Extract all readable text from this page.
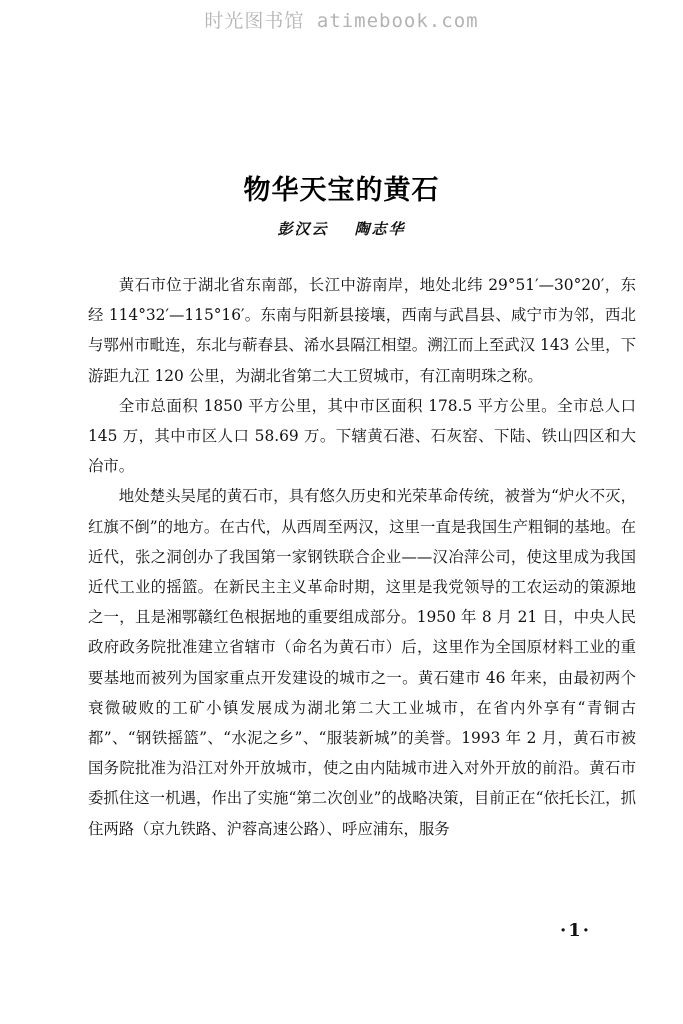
时光图书馆 atimebook.com
物华天宝的黄石
彭汉云 陶志华

黄石市位于湖北省东南部，长江中游南岸，地处北纬 29°51′—30°20′，东经 114°32′—115°16′。东南与阳新县接壤，西南与武昌县、咸宁市为邻，西北与鄂州市毗连，东北与蕲春县、浠水县隔江相望。溯江而上至武汉 143 公里，下游距九江 120 公里，为湖北省第二大工贸城市，有江南明珠之称。

全市总面积 1850 平方公里，其中市区面积 178.5 平方公里。全市总人口 145 万，其中市区人口 58.69 万。下辖黄石港、石灰窑、下陆、铁山四区和大冶市。

地处楚头吴尾的黄石市，具有悠久历史和光荣革命传统，被誉为“炉火不灭，红旗不倒”的地方。在古代，从西周至两汉，这里一直是我国生产粗铜的基地。在近代，张之洞创办了我国第一家钢铁联合企业——汉冶萍公司，使这里成为我国近代工业的摇篮。在新民主主义革命时期，这里是我党领导的工农运动的策源地之一，且是湘鄂赣红色根据地的重要组成部分。1950 年 8 月 21 日，中央人民政府政务院批准建立省辖市（命名为黄石市）后，这里作为全国原材料工业的重要基地而被列为国家重点开发建设的城市之一。黄石建市 46 年来，由最初两个衰微破败的工矿小镇发展成为湖北第二大工业城市，在省内外享有“青铜古都”、“钢铁摇篮”、“水泥之乡”、“服装新城”的美誉。1993 年 2 月，黄石市被国务院批准为沿江对外开放城市，使之由内陆城市进入对外开放的前沿。黄石市委抓住这一机遇，作出了实施“第二次创业”的战略决策，目前正在“依托长江，抓住两路（京九铁路、沪蓉高速公路）、呼应浦东，服务

·1·
